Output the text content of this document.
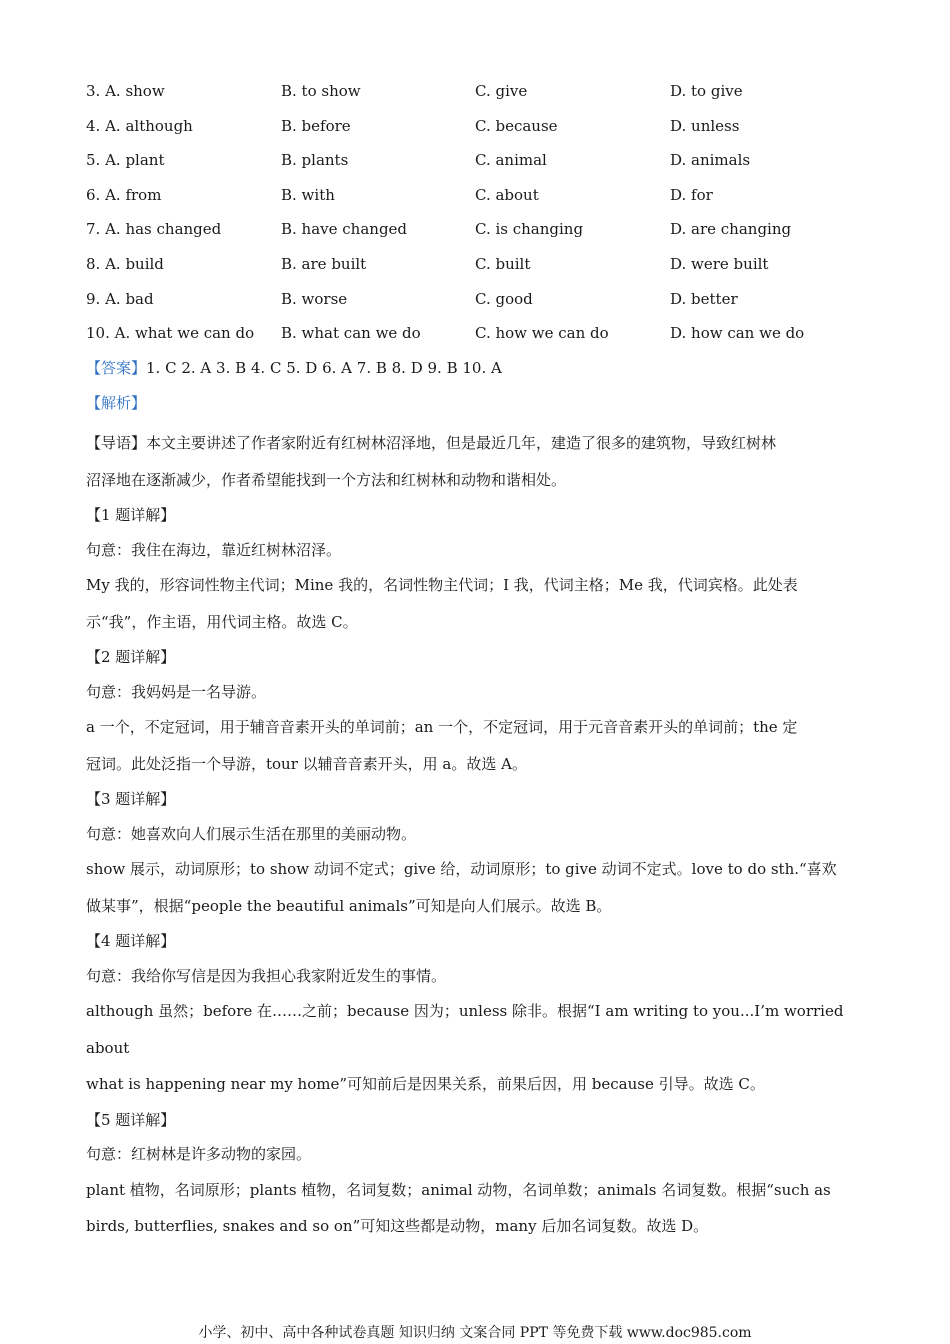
3. A. show	B. to show	C. give	D. to give
4. A. although	B. before	C. because	D. unless
5. A. plant	B. plants	C. animal	D. animals
6. A. from	B. with	C. about	D. for
7. A. has changed	B. have changed	C. is changing	D. are changing
8. A. build	B. are built	C. built	D. were built
9. A. bad	B. worse	C. good	D. better
10. A. what we can do B. what can we do	C. how we can do	D. how can we do
【答案】1. C 2. A 3. B 4. C 5. D 6. A 7. B 8. D 9. B 10. A
【解析】

【导语】本文主要讲述了作者家附近有红树林沼泽地，但是最近几年，建造了很多的建筑物，导致红树林

沼泽地在逐渐减少，作者希望能找到一个方法和红树林和动物和谐相处。

【1 题详解】

句意：我住在海边，靠近红树林沼泽。

My 我的，形容词性物主代词；Mine 我的，名词性物主代词；I 我，代词主格；Me 我，代词宾格。此处表

示“我”，作主语，用代词主格。故选 C。

【2 题详解】

句意：我妈妈是一名导游。

a 一个，不定冠词，用于辅音音素开头的单词前；an 一个，不定冠词，用于元音音素开头的单词前；the 定

冠词。此处泛指一个导游，tour 以辅音音素开头，用 a。故选 A。

【3 题详解】

句意：她喜欢向人们展示生活在那里的美丽动物。

show 展示，动词原形；to show 动词不定式；give 给，动词原形；to give 动词不定式。love to do sth.“喜欢

做某事”，根据“people the beautiful animals”可知是向人们展示。故选 B。

【4 题详解】

句意：我给你写信是因为我担心我家附近发生的事情。

although 虽然；before 在……之前；because 因为；unless 除非。根据“I am writing to you...I’m worried about

what is happening near my home”可知前后是因果关系，前果后因，用 because 引导。故选 C。

【5 题详解】

句意：红树林是许多动物的家园。

plant 植物，名词原形；plants 植物，名词复数；animal 动物，名词单数；animals 名词复数。根据“such as

birds, butterflies, snakes and so on”可知这些都是动物，many 后加名词复数。故选 D。

小学、初中、高中各种试卷真题 知识归纳 文案合同 PPT 等免费下载 www.doc985.com
